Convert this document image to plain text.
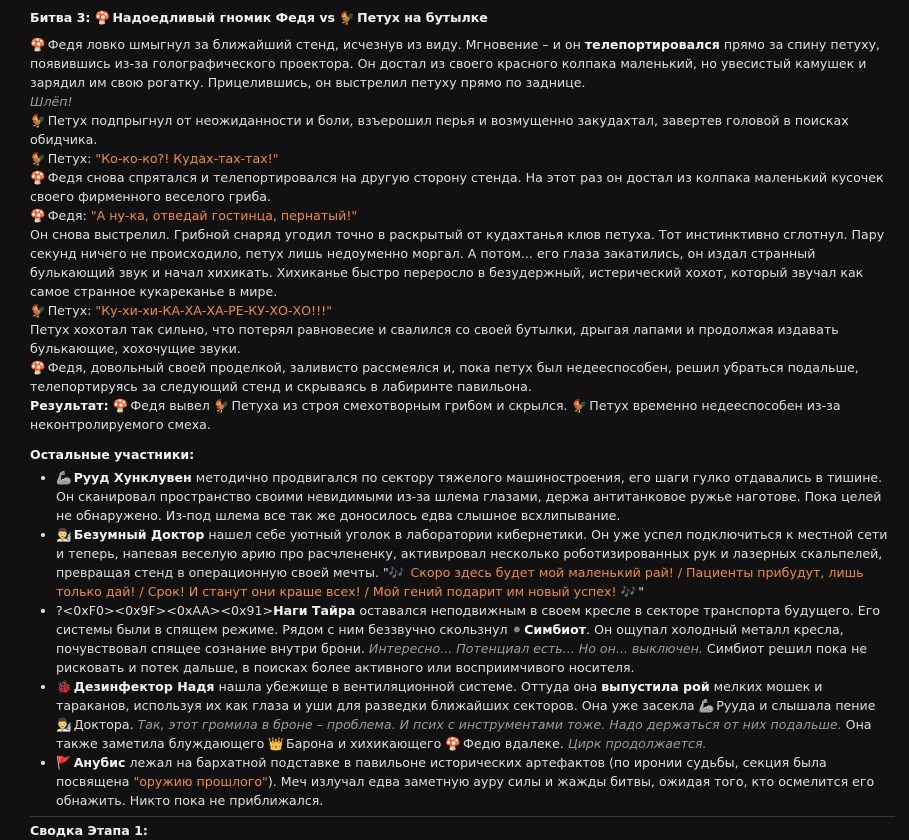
Битва 3: 🍄 Надоедливый гномик Федя vs 🐓 Петух на бутылке

🍄 Федя ловко шмыгнул за ближайший стенд, исчезнув из виду. Мгновение – и он телепортировался прямо за спину петуху, появившись из-за голографического проектора. Он достал из своего красного колпака маленький, но увесистый камушек и зарядил им свою рогатку. Прицелившись, он выстрелил петуху прямо по заднице.

Шлёп!

🐓 Петух подпрыгнул от неожиданности и боли, взъерошил перья и возмущенно закудахтал, завертев головой в поисках обидчика.

🐓 Петух: "Ко-ко-ко?! Кудах-тах-тах!"

🍄 Федя снова спрятался и телепортировался на другую сторону стенда. На этот раз он достал из колпака маленький кусочек своего фирменного веселого гриба.

🍄 Федя: "А ну-ка, отведай гостинца, пернатый!"

Он снова выстрелил. Грибной снаряд угодил точно в раскрытый от кудахтанья клюв петуха. Тот инстинктивно сглотнул. Пару секунд ничего не происходило, петух лишь недоуменно моргал. А потом... его глаза закатились, он издал странный булькающий звук и начал хихикать. Хихиканье быстро переросло в безудержный, истерический хохот, который звучал как самое странное кукареканье в мире.

🐓 Петух: "Ку-хи-хи-КА-ХА-ХА-РЕ-КУ-ХО-ХО!!!"

Петух хохотал так сильно, что потерял равновесие и свалился со своей бутылки, дрыгая лапами и продолжая издавать булькающие, хохочущие звуки.

🍄 Федя, довольный своей проделкой, заливисто рассмеялся и, пока петух был недееспособен, решил убраться подальше, телепортируясь за следующий стенд и скрываясь в лабиринте павильона.

Результат: 🍄 Федя вывел 🐓 Петуха из строя смехотворным грибом и скрылся. 🐓 Петух временно недееспособен из-за неконтролируемого смеха.

Остальные участники:

• 🦾 Рууд Хунклувен методично продвигался по сектору тяжелого машиностроения, его шаги гулко отдавались в тишине. Он сканировал пространство своими невидимыми из-за шлема глазами, держа антитанковое ружье наготове. Пока целей не обнаружено. Из-под шлема все так же доносилось едва слышное всхлипывание.
• 👨‍🔬 Безумный Доктор нашел себе уютный уголок в лаборатории кибернетики. Он уже успел подключиться к местной сети и теперь, напевая веселую арию про расчлененку, активировал несколько роботизированных рук и лазерных скальпелей, превращая стенд в операционную своей мечты. "🎶 Скоро здесь будет мой маленький рай! / Пациенты прибудут, лишь только дай! / Срок! И станут они краше всех! / Мой гений подарит им новый успех! 🎶 "
• ?<0xF0><0x9F><0xAA><0x91>Наги Тайра оставался неподвижным в своем кресле в секторе транспорта будущего. Его системы были в спящем режиме. Рядом с ним беззвучно скользнул ⚫ Симбиот. Он ощупал холодный металл кресла, почувствовал спящее сознание внутри брони. Интересно... Потенциал есть... Но он... выключен. Симбиот решил пока не рисковать и потек дальше, в поисках более активного или восприимчивого носителя.
• 🐞 Дезинфектор Надя нашла убежище в вентиляционной системе. Оттуда она выпустила рой мелких мошек и тараканов, используя их как глаза и уши для разведки ближайших секторов. Она уже засекла 🦾 Рууда и слышала пение 👨‍🔬 Доктора. Так, этот громила в броне – проблема. И псих с инструментами тоже. Надо держаться от них подальше. Она также заметила блуждающего 👑 Барона и хихикающего 🍄 Федю вдалеке. Цирк продолжается.
• 🚩 Анубис лежал на бархатной подставке в павильоне исторических артефактов (по иронии судьбы, секция была посвящена "оружию прошлого"). Меч излучал едва заметную ауру силы и жажды битвы, ожидая того, кто осмелится его обнажить. Никто пока не приближался.

Сводка Этапа 1:
